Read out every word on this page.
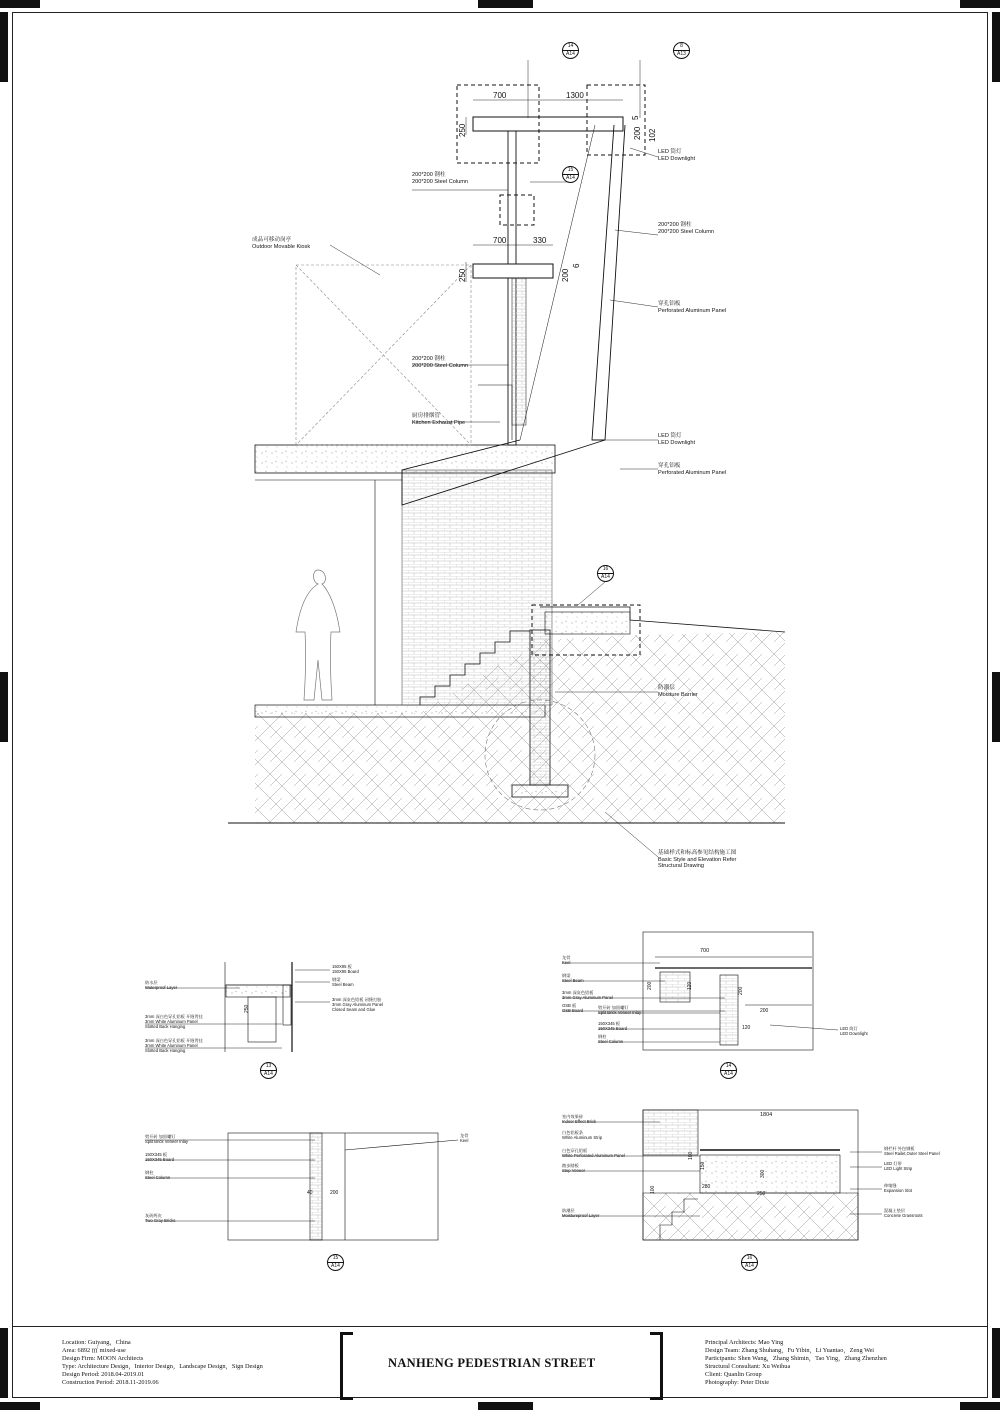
LED 筒灯
LED Downlight
200*200 钢柱
200*200 Steel Column
成品可移动岗亭
Outdoor Movable Kiosk
200*200 钢柱
200*200 Steel Column
穿孔铝板
Perforated Aluminum Panel
200*200 钢柱
200*200 Steel Column
厨房排烟管
Kitchen Exhaust Pipe
LED 筒灯
LED Downlight
穿孔铝板
Perforated Aluminum Panel
防潮层
Moisture Barrier
基础样式和标高参见结构施工图
Basic Style and Elevation Refer
Structural Drawing
700	1300
250	200
5
102
700	330
250	200
6
14
A14
8
A13
15
A14
16
A14
防水层
Waterproof Layer
3mm 深白色穿孔铝板 开缝背挂
3mm White Aluminum Panel
Slotted Back Hanging
3mm 深白色穿孔铝板 开缝背挂
3mm White Aluminum Panel
Slotted Back Hanging
150X95 板
150X95 Board
钢梁
Steel Beam
3mm 深灰色铝板 闭缝打胶
3mm Gray Aluminum Panel
Closed Seam and Glue
250
13
A14
龙骨
Keel
钢梁
Steel Beam
3mm 深灰色铝板
3mm Gray Aluminum Panel
OSB 板
OSB Board
劈开砖 加固螺钉
Split Brick Veneer Inlay
150X345 板
150X345 Board
钢柱
Steel Column
LED 筒灯
LED Downlight
700
200
200
120
120
200
14
A14
劈开砖 加固螺钉
Split Brick Veneer Inlay
150X345 板
150X345 Board
钢柱
Steel Column
灰砖两皮
Two Gray Bricks
龙骨
Keel
200
40
15
A14
室内效果砖
Indoor Effect Brick
白色铝板条
White Aluminum Strip
白色穿孔铝板
White Perforated Aluminum Panel
踏步踏板
Step Veneer
防潮层
Moistureproof Layer
钢栏杆 外包钢板
Steel Railet,Outer Steel Panel
LED 灯带
LED Light Strip
伸缩缝
Expansion Slot
混凝土垫层
Concrete Grassroots
1804
100
150
300
250
280
100
16
A14
Location: Guiyang，China
Area: 6892 ㎡ mixed-use
Design Firm: MOON Architects
Type: Architecture Design，Interior Design，Landscape Design，Sign Design
Design Period: 2018.04-2019.01
Construction Period: 2018.11-2019.06
NANHENG PEDESTRIAN STREET
Principal Architects: Mao Ying
Design Team: Zhang Shuhang，Fu Yibin，Li Yuantao，Zeng Wei
Participants: Shen Wang，Zhang Shimin，Tao Ying，Zhang Zhenzhen
Structural Consultant: Xu Weihua
Client: Quanlin Group
Photography: Peter Dixie
